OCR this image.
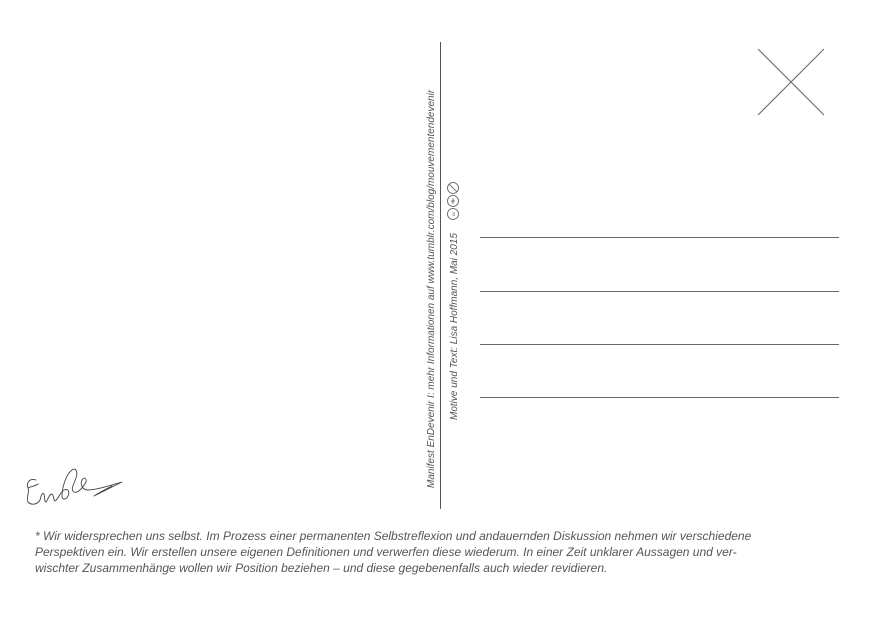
Manifest EnDevenir I: mehr Informationen auf www.tumblr.com/blog/mouvementendevenir Motive und Text: Lisa Hoffmann, Mai 2015
cc
* Wir widersprechen uns selbst. Im Prozess einer permanenten Selbstreflexion und andauernden Diskussion nehmen wir verschiedene
Perspektiven ein. Wir erstellen unsere eigenen Definitionen und verwerfen diese wiederum. In einer Zeit unklarer Aussagen und ver-
wischter Zusammenhänge wollen wir Position beziehen – und diese gegebenenfalls auch wieder revidieren.
